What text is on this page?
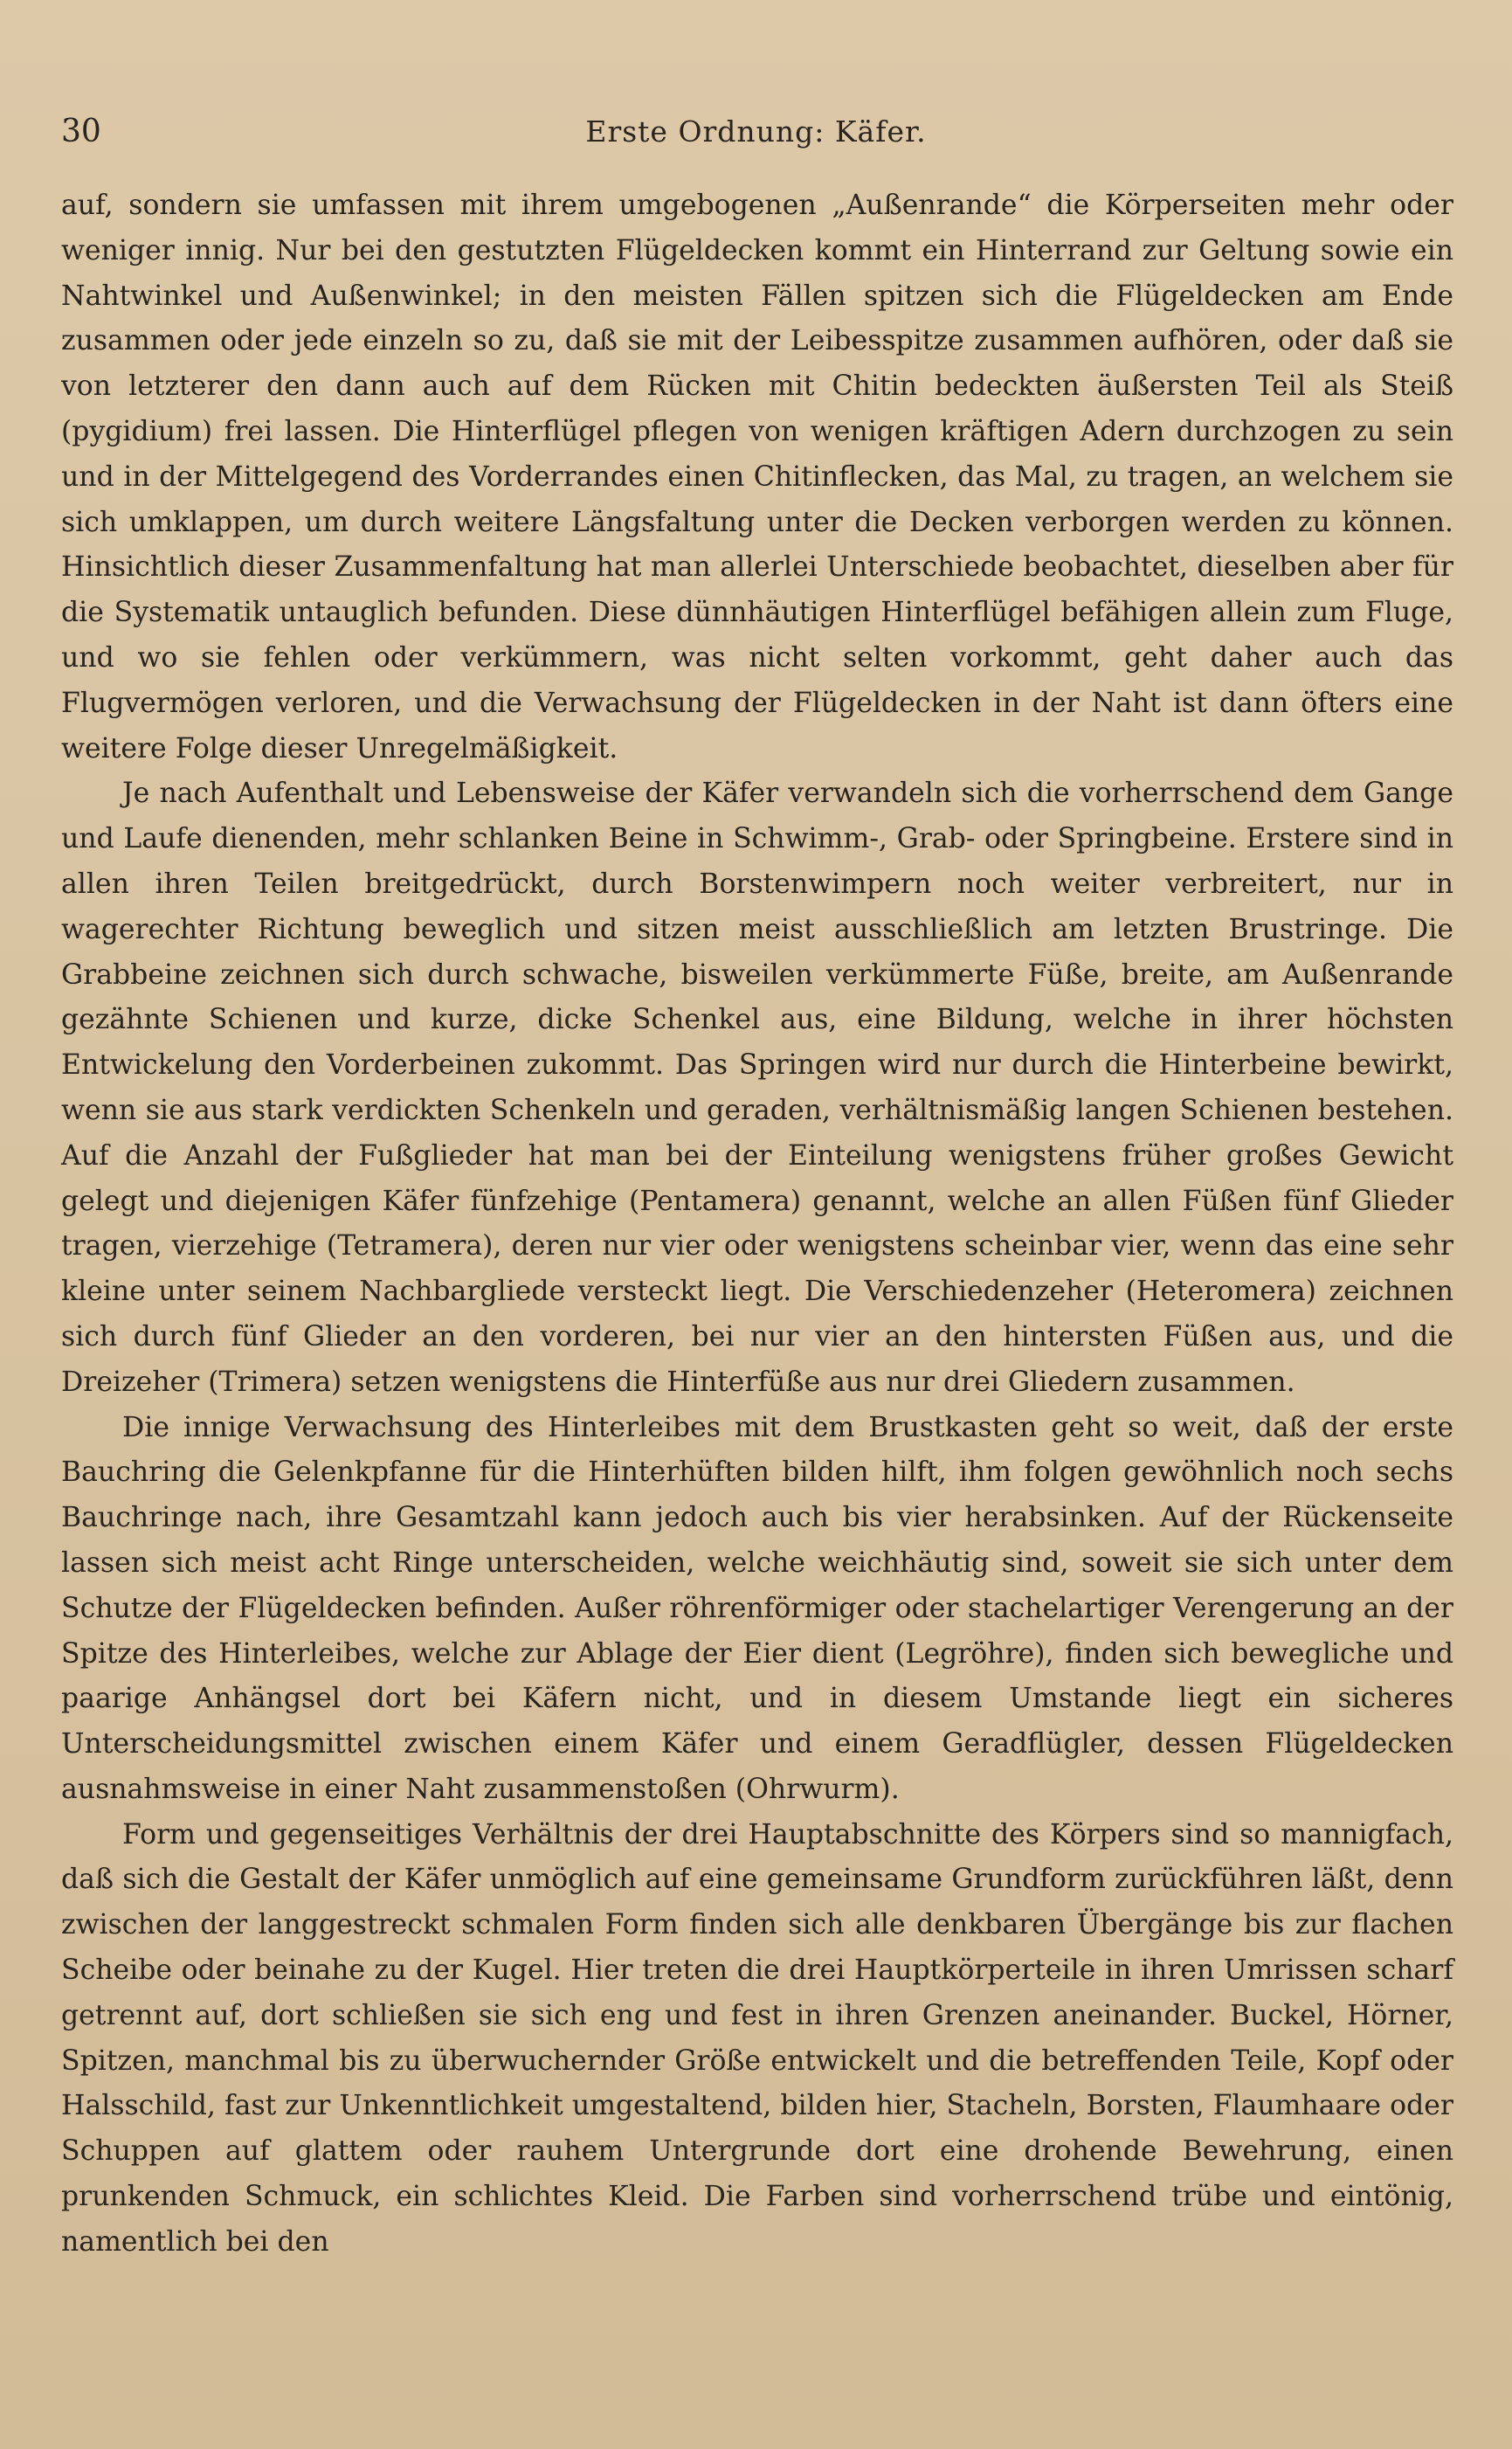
30	Erste Ordnung: Käfer.

auf, sondern sie umfassen mit ihrem umgebogenen „Außenrande“ die Körperseiten mehr oder weniger innig. Nur bei den gestutzten Flügeldecken kommt ein Hinterrand zur Geltung sowie ein Nahtwinkel und Außenwinkel; in den meisten Fällen spitzen sich die Flügeldecken am Ende zusammen oder jede einzeln so zu, daß sie mit der Leibesspitze zusammen aufhören, oder daß sie von letzterer den dann auch auf dem Rücken mit Chitin bedeckten äußersten Teil als Steiß (pygidium) frei lassen. Die Hinterflügel pflegen von wenigen kräftigen Adern durchzogen zu sein und in der Mittelgegend des Vorderrandes einen Chitinflecken, das Mal, zu tragen, an welchem sie sich umklappen, um durch weitere Längsfaltung unter die Decken verborgen werden zu können. Hinsichtlich dieser Zusammenfaltung hat man allerlei Unterschiede beobachtet, dieselben aber für die Systematik untauglich befunden. Diese dünnhäutigen Hinterflügel befähigen allein zum Fluge, und wo sie fehlen oder verkümmern, was nicht selten vorkommt, geht daher auch das Flugvermögen verloren, und die Verwachsung der Flügeldecken in der Naht ist dann öfters eine weitere Folge dieser Unregelmäßigkeit.

Je nach Aufenthalt und Lebensweise der Käfer verwandeln sich die vorherrschend dem Gange und Laufe dienenden, mehr schlanken Beine in Schwimm-, Grab- oder Springbeine. Erstere sind in allen ihren Teilen breitgedrückt, durch Borstenwimpern noch weiter verbreitert, nur in wagerechter Richtung beweglich und sitzen meist ausschließlich am letzten Brustringe. Die Grabbeine zeichnen sich durch schwache, bisweilen verkümmerte Füße, breite, am Außenrande gezähnte Schienen und kurze, dicke Schenkel aus, eine Bildung, welche in ihrer höchsten Entwickelung den Vorderbeinen zukommt. Das Springen wird nur durch die Hinterbeine bewirkt, wenn sie aus stark verdickten Schenkeln und geraden, verhältnismäßig langen Schienen bestehen. Auf die Anzahl der Fußglieder hat man bei der Einteilung wenigstens früher großes Gewicht gelegt und diejenigen Käfer fünfzehige (Pentamera) genannt, welche an allen Füßen fünf Glieder tragen, vierzehige (Tetramera), deren nur vier oder wenigstens scheinbar vier, wenn das eine sehr kleine unter seinem Nachbargliede versteckt liegt. Die Verschiedenzeher (Heteromera) zeichnen sich durch fünf Glieder an den vorderen, bei nur vier an den hintersten Füßen aus, und die Dreizeher (Trimera) setzen wenigstens die Hinterfüße aus nur drei Gliedern zusammen.

Die innige Verwachsung des Hinterleibes mit dem Brustkasten geht so weit, daß der erste Bauchring die Gelenkpfanne für die Hinterhüften bilden hilft, ihm folgen gewöhnlich noch sechs Bauchringe nach, ihre Gesamtzahl kann jedoch auch bis vier herabsinken. Auf der Rückenseite lassen sich meist acht Ringe unterscheiden, welche weichhäutig sind, soweit sie sich unter dem Schutze der Flügeldecken befinden. Außer röhrenförmiger oder stachelartiger Verengerung an der Spitze des Hinterleibes, welche zur Ablage der Eier dient (Legröhre), finden sich bewegliche und paarige Anhängsel dort bei Käfern nicht, und in diesem Umstande liegt ein sicheres Unterscheidungsmittel zwischen einem Käfer und einem Geradflügler, dessen Flügeldecken ausnahmsweise in einer Naht zusammenstoßen (Ohrwurm).

Form und gegenseitiges Verhältnis der drei Hauptabschnitte des Körpers sind so mannigfach, daß sich die Gestalt der Käfer unmöglich auf eine gemeinsame Grundform zurückführen läßt, denn zwischen der langgestreckt schmalen Form finden sich alle denkbaren Übergänge bis zur flachen Scheibe oder beinahe zu der Kugel. Hier treten die drei Hauptkörperteile in ihren Umrissen scharf getrennt auf, dort schließen sie sich eng und fest in ihren Grenzen aneinander. Buckel, Hörner, Spitzen, manchmal bis zu überwuchernder Größe entwickelt und die betreffenden Teile, Kopf oder Halsschild, fast zur Unkenntlichkeit umgestaltend, bilden hier, Stacheln, Borsten, Flaumhaare oder Schuppen auf glattem oder rauhem Untergrunde dort eine drohende Bewehrung, einen prunkenden Schmuck, ein schlichtes Kleid. Die Farben sind vorherrschend trübe und eintönig, namentlich bei den
